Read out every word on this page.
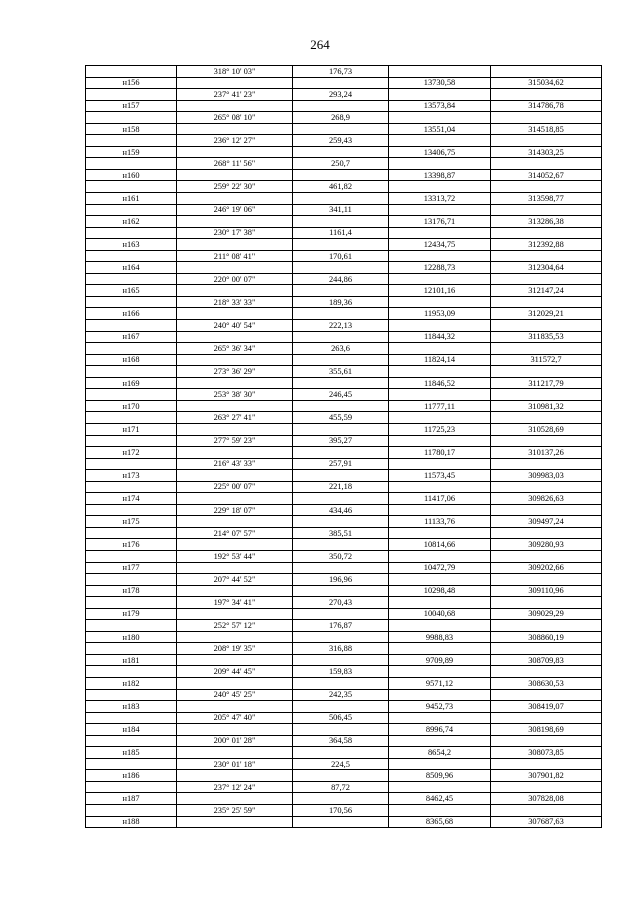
264
	318° 10' 03"	176,73		
н156			13730,58	315034,62
	237° 41' 23"	293,24		
н157			13573,84	314786,78
	265° 08' 10"	268,9		
н158			13551,04	314518,85
	236° 12' 27"	259,43		
н159			13406,75	314303,25
	268° 11' 56"	250,7		
н160			13398,87	314052,67
	259° 22' 30"	461,82		
н161			13313,72	313598,77
	246° 19' 06"	341,11		
н162			13176,71	313286,38
	230° 17' 38"	1161,4		
н163			12434,75	312392,88
	211° 08' 41"	170,61		
н164			12288,73	312304,64
	220° 00' 07"	244,86		
н165			12101,16	312147,24
	218° 33' 33"	189,36		
н166			11953,09	312029,21
	240° 40' 54"	222,13		
н167			11844,32	311835,53
	265° 36' 34"	263,6		
н168			11824,14	311572,7
	273° 36' 29"	355,61		
н169			11846,52	311217,79
	253° 38' 30"	246,45		
н170			11777,11	310981,32
	263° 27' 41"	455,59		
н171			11725,23	310528,69
	277° 59' 23"	395,27		
н172			11780,17	310137,26
	216° 43' 33"	257,91		
н173			11573,45	309983,03
	225° 00' 07"	221,18		
н174			11417,06	309826,63
	229° 18' 07"	434,46		
н175			11133,76	309497,24
	214° 07' 57"	385,51		
н176			10814,66	309280,93
	192° 53' 44"	350,72		
н177			10472,79	309202,66
	207° 44' 52"	196,96		
н178			10298,48	309110,96
	197° 34' 41"	270,43		
н179			10040,68	309029,29
	252° 57' 12"	176,87		
н180			9988,83	308860,19
	208° 19' 35"	316,88		
н181			9709,89	308709,83
	209° 44' 45"	159,83		
н182			9571,12	308630,53
	240° 45' 25"	242,35		
н183			9452,73	308419,07
	205° 47' 40"	506,45		
н184			8996,74	308198,69
	200° 01' 28"	364,58		
н185			8654,2	308073,85
	230° 01' 18"	224,5		
н186			8509,96	307901,82
	237° 12' 24"	87,72		
н187			8462,45	307828,08
	235° 25' 59"	170,56		
н188			8365,68	307687,63
